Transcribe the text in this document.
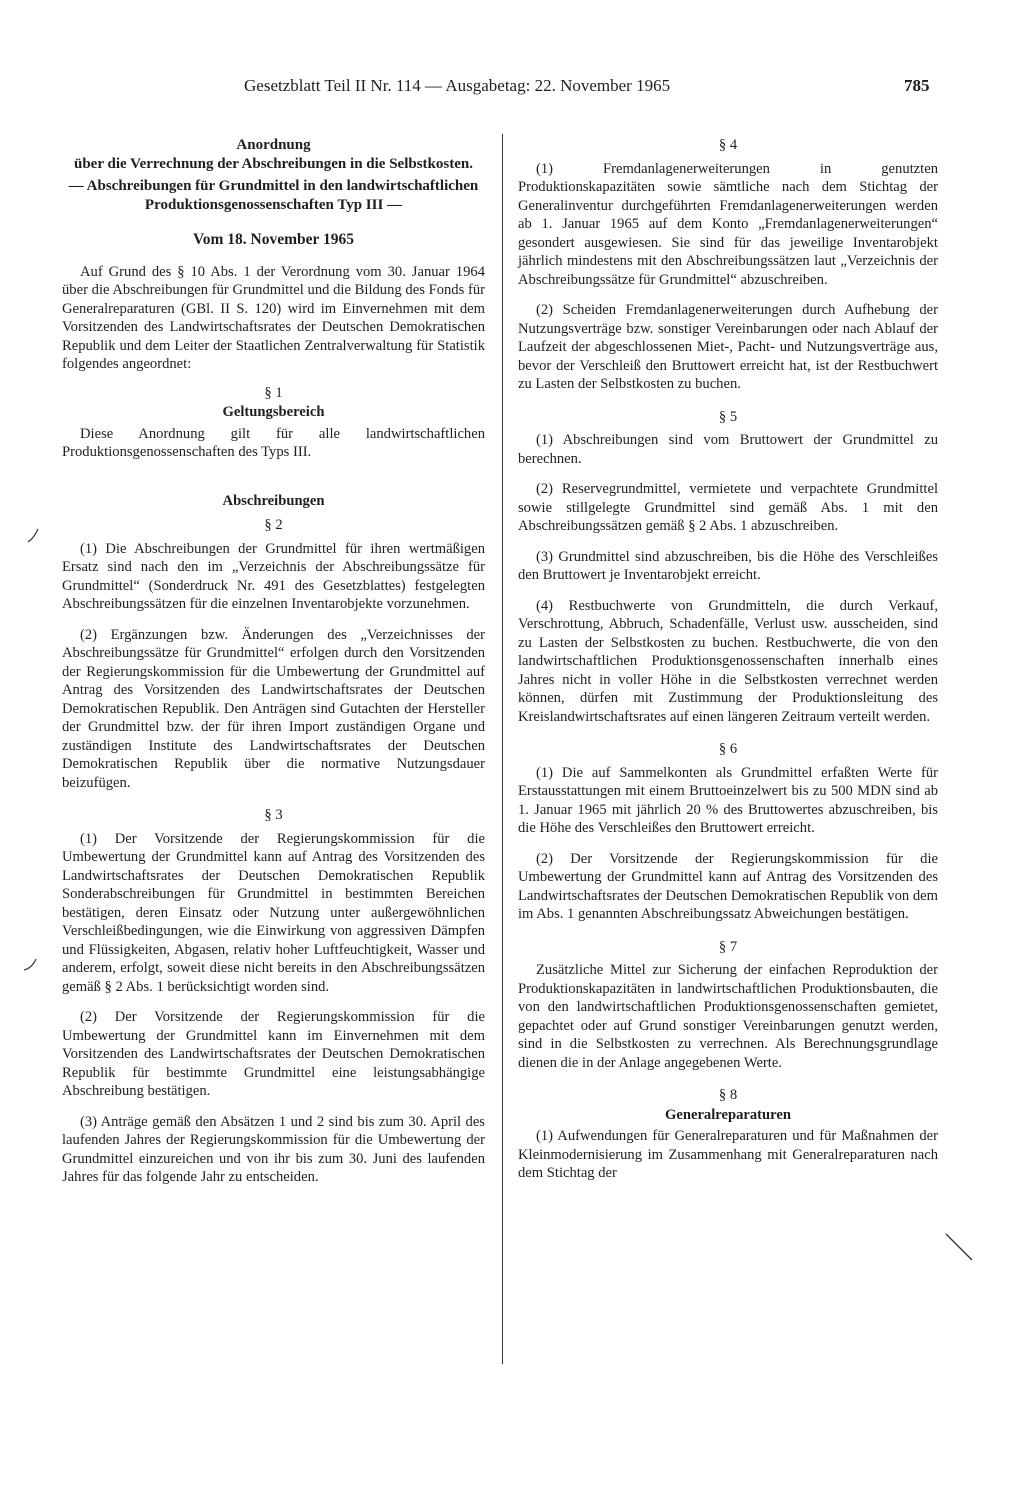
Gesetzblatt Teil II Nr. 114 — Ausgabetag: 22. November 1965	785

Anordnung

über die Verrechnung der Abschreibungen in die Selbstkosten.

— Abschreibungen für Grundmittel in den landwirtschaftlichen Produktionsgenossenschaften Typ III —

Vom 18. November 1965

Auf Grund des § 10 Abs. 1 der Verordnung vom 30. Januar 1964 über die Abschreibungen für Grundmittel und die Bildung des Fonds für Generalreparaturen (GBl. II S. 120) wird im Einvernehmen mit dem Vorsitzenden des Landwirtschaftsrates der Deutschen Demokratischen Republik und dem Leiter der Staatlichen Zentralverwaltung für Statistik folgendes angeordnet:

§ 1

Geltungsbereich

Diese Anordnung gilt für alle landwirtschaftlichen Produktionsgenossenschaften des Typs III.

Abschreibungen

§ 2

(1) Die Abschreibungen der Grundmittel für ihren wertmäßigen Ersatz sind nach den im „Verzeichnis der Abschreibungssätze für Grundmittel“ (Sonderdruck Nr. 491 des Gesetzblattes) festgelegten Abschreibungssätzen für die einzelnen Inventarobjekte vorzunehmen.

(2) Ergänzungen bzw. Änderungen des „Verzeichnisses der Abschreibungssätze für Grundmittel“ erfolgen durch den Vorsitzenden der Regierungskommission für die Umbewertung der Grundmittel auf Antrag des Vorsitzenden des Landwirtschaftsrates der Deutschen Demokratischen Republik. Den Anträgen sind Gutachten der Hersteller der Grundmittel bzw. der für ihren Import zuständigen Organe und zuständigen Institute des Landwirtschaftsrates der Deutschen Demokratischen Republik über die normative Nutzungsdauer beizufügen.

§ 3

(1) Der Vorsitzende der Regierungskommission für die Umbewertung der Grundmittel kann auf Antrag des Vorsitzenden des Landwirtschaftsrates der Deutschen Demokratischen Republik Sonderabschreibungen für Grundmittel in bestimmten Bereichen bestätigen, deren Einsatz oder Nutzung unter außergewöhnlichen Verschleißbedingungen, wie die Einwirkung von aggressiven Dämpfen und Flüssigkeiten, Abgasen, relativ hoher Luftfeuchtigkeit, Wasser und anderem, erfolgt, soweit diese nicht bereits in den Abschreibungssätzen gemäß § 2 Abs. 1 berücksichtigt worden sind.

(2) Der Vorsitzende der Regierungskommission für die Umbewertung der Grundmittel kann im Einvernehmen mit dem Vorsitzenden des Landwirtschaftsrates der Deutschen Demokratischen Republik für bestimmte Grundmittel eine leistungsabhängige Abschreibung bestätigen.

(3) Anträge gemäß den Absätzen 1 und 2 sind bis zum 30. April des laufenden Jahres der Regierungskommission für die Umbewertung der Grundmittel einzureichen und von ihr bis zum 30. Juni des laufenden Jahres für das folgende Jahr zu entscheiden.

§ 4

(1) Fremdanlagenerweiterungen in genutzten Produktionskapazitäten sowie sämtliche nach dem Stichtag der Generalinventur durchgeführten Fremdanlagenerweiterungen werden ab 1. Januar 1965 auf dem Konto „Fremdanlagenerweiterungen“ gesondert ausgewiesen. Sie sind für das jeweilige Inventarobjekt jährlich mindestens mit den Abschreibungssätzen laut „Verzeichnis der Abschreibungssätze für Grundmittel“ abzuschreiben.

(2) Scheiden Fremdanlagenerweiterungen durch Aufhebung der Nutzungsverträge bzw. sonstiger Vereinbarungen oder nach Ablauf der Laufzeit der abgeschlossenen Miet-, Pacht- und Nutzungsverträge aus, bevor der Verschleiß den Bruttowert erreicht hat, ist der Restbuchwert zu Lasten der Selbstkosten zu buchen.

§ 5

(1) Abschreibungen sind vom Bruttowert der Grundmittel zu berechnen.

(2) Reservegrundmittel, vermietete und verpachtete Grundmittel sowie stillgelegte Grundmittel sind gemäß Abs. 1 mit den Abschreibungssätzen gemäß § 2 Abs. 1 abzuschreiben.

(3) Grundmittel sind abzuschreiben, bis die Höhe des Verschleißes den Bruttowert je Inventarobjekt erreicht.

(4) Restbuchwerte von Grundmitteln, die durch Verkauf, Verschrottung, Abbruch, Schadenfälle, Verlust usw. ausscheiden, sind zu Lasten der Selbstkosten zu buchen. Restbuchwerte, die von den landwirtschaftlichen Produktionsgenossenschaften innerhalb eines Jahres nicht in voller Höhe in die Selbstkosten verrechnet werden können, dürfen mit Zustimmung der Produktionsleitung des Kreislandwirtschaftsrates auf einen längeren Zeitraum verteilt werden.

§ 6

(1) Die auf Sammelkonten als Grundmittel erfaßten Werte für Erstausstattungen mit einem Bruttoeinzelwert bis zu 500 MDN sind ab 1. Januar 1965 mit jährlich 20 % des Bruttowertes abzuschreiben, bis die Höhe des Verschleißes den Bruttowert erreicht.

(2) Der Vorsitzende der Regierungskommission für die Umbewertung der Grundmittel kann auf Antrag des Vorsitzenden des Landwirtschaftsrates der Deutschen Demokratischen Republik von dem im Abs. 1 genannten Abschreibungssatz Abweichungen bestätigen.

§ 7

Zusätzliche Mittel zur Sicherung der einfachen Reproduktion der Produktionskapazitäten in landwirtschaftlichen Produktionsbauten, die von den landwirtschaftlichen Produktionsgenossenschaften gemietet, gepachtet oder auf Grund sonstiger Vereinbarungen genutzt werden, sind in die Selbstkosten zu verrechnen. Als Berechnungsgrundlage dienen die in der Anlage angegebenen Werte.

§ 8

Generalreparaturen

(1) Aufwendungen für Generalreparaturen und für Maßnahmen der Kleinmodernisierung im Zusammenhang mit Generalreparaturen nach dem Stichtag der
